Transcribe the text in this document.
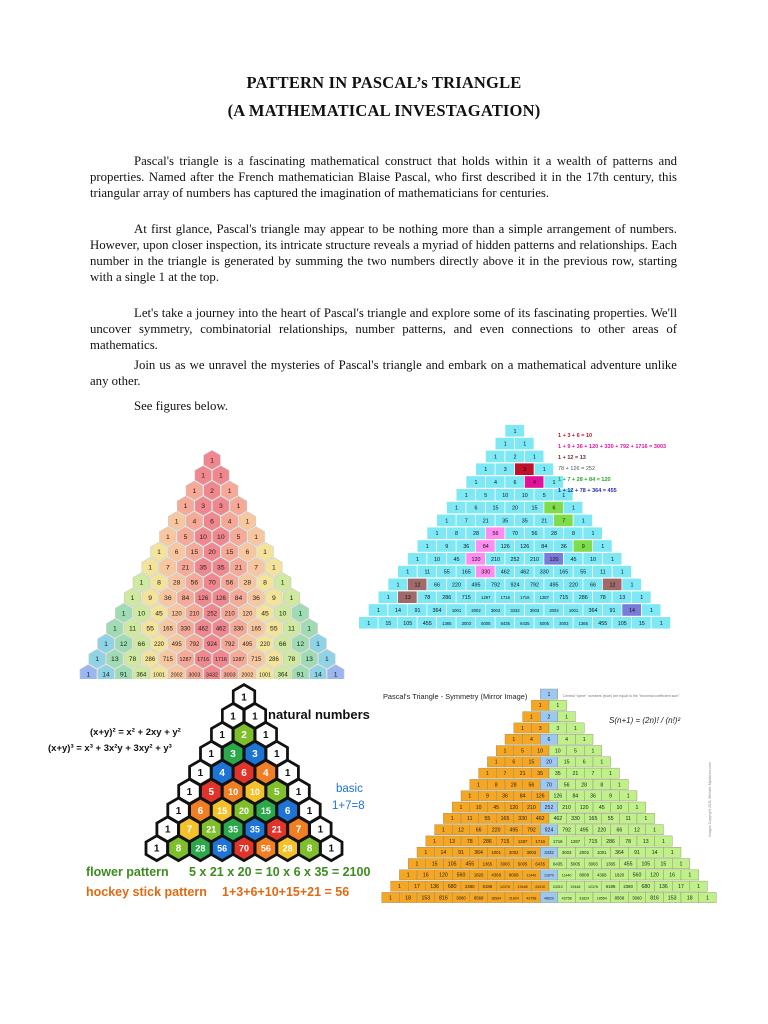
PATTERN IN PASCAL’s TRIANGLE
(A MATHEMATICAL INVESTAGATION)

Pascal's triangle is a fascinating mathematical construct that holds within it a wealth of patterns and properties. Named after the French mathematician Blaise Pascal, who first described it in the 17th century, this triangular array of numbers has captured the imagination of mathematicians for centuries.

At first glance, Pascal's triangle may appear to be nothing more than a simple arrangement of numbers. However, upon closer inspection, its intricate structure reveals a myriad of hidden patterns and relationships. Each number in the triangle is generated by summing the two numbers directly above it in the previous row, starting with a single 1 at the top.

Let's take a journey into the heart of Pascal's triangle and explore some of its fascinating properties. We'll uncover symmetry, combinatorial relationships, number patterns, and even connections to other areas of mathematics.

Join us as we unravel the mysteries of Pascal's triangle and embark on a mathematical adventure unlike any other.

See figures below.

1
1 1
1 2 1
1 3 3 1
1 4 6 4 1
1 5 10 10 5 1
1 6 15 20 15 6 1
1 7 21 35 35 21 7 1
1 8 28 56 70 56 28 8 1
1 9 36 84 126 126 84 36 9 1
1 10 45 120 210 252 210 120 45 10 1
1 11 55 165 330 462 462 330 165 55 11 1
1 12 66 220 495 792 924 792 495 220 66 12 1
1 13 78 286 715 1287 1716 1716 1287 715 286 78 13 1
1 14 91 364 1001 2002 3003 3432 3003 2002 1001 364 91 14 1
1
1	1
1	2	1
1	3	3	1
1	4	6	4	1
1	5	10	10	5	1
1	6	15	20	15	6	1
1	7	21	35	35	21	7	1
1	8	28	56	70	56	28	8	1
1	9	36	84 126 126 84	36	9	1
1	10	45 120 210 252 210 120 45	10	1
1	11	55 165 330 462 462 330 165 55	11	1
1	12	66 220 495 792 924 792 495 220 66	12	1
1	13	78 286 715 1287 1716 1716 1287 715 286 78	13	1
1	14	91 364 1001 2002 3003 3432 3003 2002 1001 364 91	14	1
1	15 105 455 1365 3003 5005 6435 6435 5005 3003 1365 455 105 15	1
1 + 3 + 6 = 10
1 + 9 + 36 + 120 + 330 + 792 + 1716 = 3003
1 + 12 = 13
78 + 126 = 252
1 + 7 + 28 + 84 = 120
1 + 12 + 78 + 364 = 455
1
1 1
1 2 1
1 3 3 1
1 4 6 4 1
1 5 10 10 5 1
1 6 15 20 15 6 1
1 7 21 35 35 21 7 1
1 8 28 56 70 56 28 8 1
natural numbers
(x+y)² = x² + 2xy + y²
(x+y)³ = x³ + 3x²y + 3xy² + y³
basic
1+7=8
flower pattern 5 x 21 x 20 = 10 x 6 x 35 = 2100
hockey stick pattern 1+3+6+10+15+21 = 56
1
1	1
1	2	1
1	3	3	1
1	4	6	4	1
1	5	10 10	5	1
1	6	15 20 15	6	1
1	7	21 35 35 21	7	1
1	8	28 56 70 56 28	8	1
1	9	36 84 126 126 84 36	9	1
1	10 45 120 210 252 210 120 45 10	1
1	11 55 165 330 462 462 330 165 55 11	1
1	12 66 220 495 792 924 792 495 220 66 12	1
1	13 78 286 715 1287 1716 1716 1287 715 286 78 13	1
1	14 91 364 1001 2002 3003 3432 3003 2002 1001 364 91 14	1
1	15 105 455 1365 3003 5005 6435 6435 5005 3003 1365 455 105 15	1
1	16 120 560 1820 4368 8008 11440 12870 11440 8008 4368 1820 560 120 16	1
1	17 136 680 2380 6188 12376 19448 24310 24310 19448 12376 6188 2380 680 136 17	1
1	18 153 816 3060 8568 18564 31824 43758 48620 43758 31824 18564 8568 3060 816 153 18	1
Pascal's Triangle - Symmetry (Mirror Image)	Central "spine" numbers (blue) are equal to the "binomial coefficient sum"
S(n+1) = (2n)! / (n!)²
Images Copyright 2011 Whistler Mysteries.com
